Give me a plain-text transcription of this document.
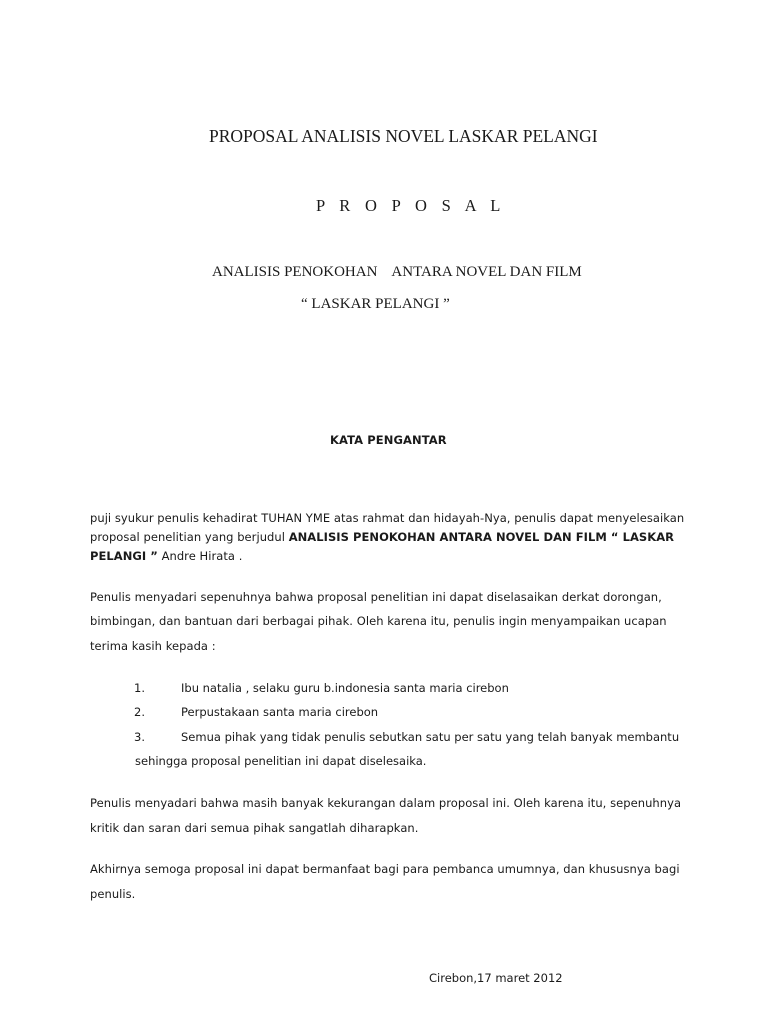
PROPOSAL ANALISIS NOVEL LASKAR PELANGI
P R O P O S A L
ANALISIS PENOKOHAN ANTARA NOVEL DAN FILM
“ LASKAR PELANGI ”
KATA PENGANTAR
puji syukur penulis kehadirat TUHAN YME atas rahmat dan hidayah-Nya, penulis dapat menyelesaikan
proposal penelitian yang berjudul ANALISIS PENOKOHAN ANTARA NOVEL DAN FILM “ LASKAR
PELANGI ” Andre Hirata .
Penulis menyadari sepenuhnya bahwa proposal penelitian ini dapat diselasaikan derkat dorongan,
bimbingan, dan bantuan dari berbagai pihak. Oleh karena itu, penulis ingin menyampaikan ucapan
terima kasih kepada :
1.	Ibu natalia , selaku guru b.indonesia santa maria cirebon
2.	Perpustakaan santa maria cirebon
3.	Semua pihak yang tidak penulis sebutkan satu per satu yang telah banyak membantu
sehingga proposal penelitian ini dapat diselesaika.
Penulis menyadari bahwa masih banyak kekurangan dalam proposal ini. Oleh karena itu, sepenuhnya
kritik dan saran dari semua pihak sangatlah diharapkan.
Akhirnya semoga proposal ini dapat bermanfaat bagi para pembanca umumnya, dan khususnya bagi
penulis.
Cirebon,17 maret 2012
